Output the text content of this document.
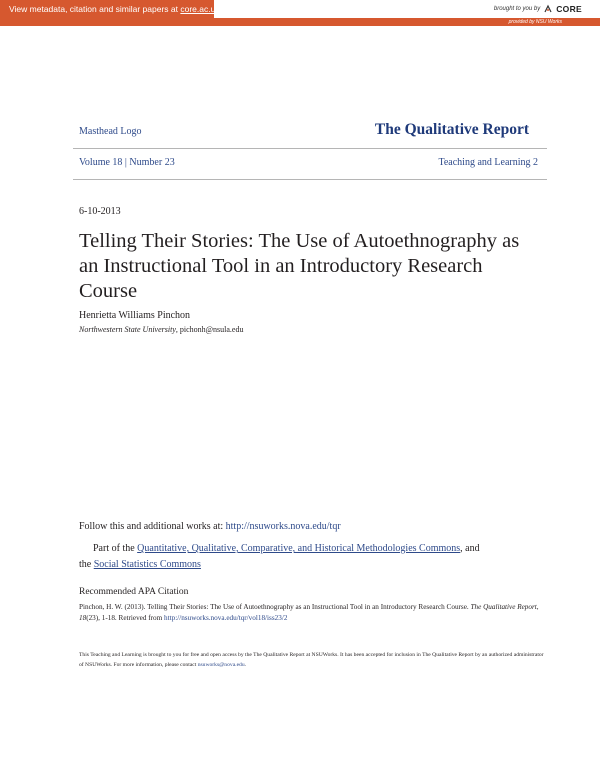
View metadata, citation and similar papers at core.ac.uk	brought to you by CORE
provided by NSU Works
Masthead Logo	The Qualitative Report
Volume 18 | Number 23	Teaching and Learning 2
6-10-2013
Telling Their Stories: The Use of Autoethnography as an Instructional Tool in an Introductory Research Course
Henrietta Williams Pinchon
Northwestern State University, pichonh@nsula.edu
Follow this and additional works at: http://nsuworks.nova.edu/tqr
Part of the Quantitative, Qualitative, Comparative, and Historical Methodologies Commons, and
the Social Statistics Commons
Recommended APA Citation
Pinchon, H. W. (2013). Telling Their Stories: The Use of Autoethnography as an Instructional Tool in an Introductory Research Course. The Qualitative Report, 18(23), 1-18. Retrieved from http://nsuworks.nova.edu/tqr/vol18/iss23/2
This Teaching and Learning is brought to you for free and open access by the The Qualitative Report at NSUWorks. It has been accepted for inclusion in The Qualitative Report by an authorized administrator of NSUWorks. For more information, please contact nsuworks@nova.edu.
